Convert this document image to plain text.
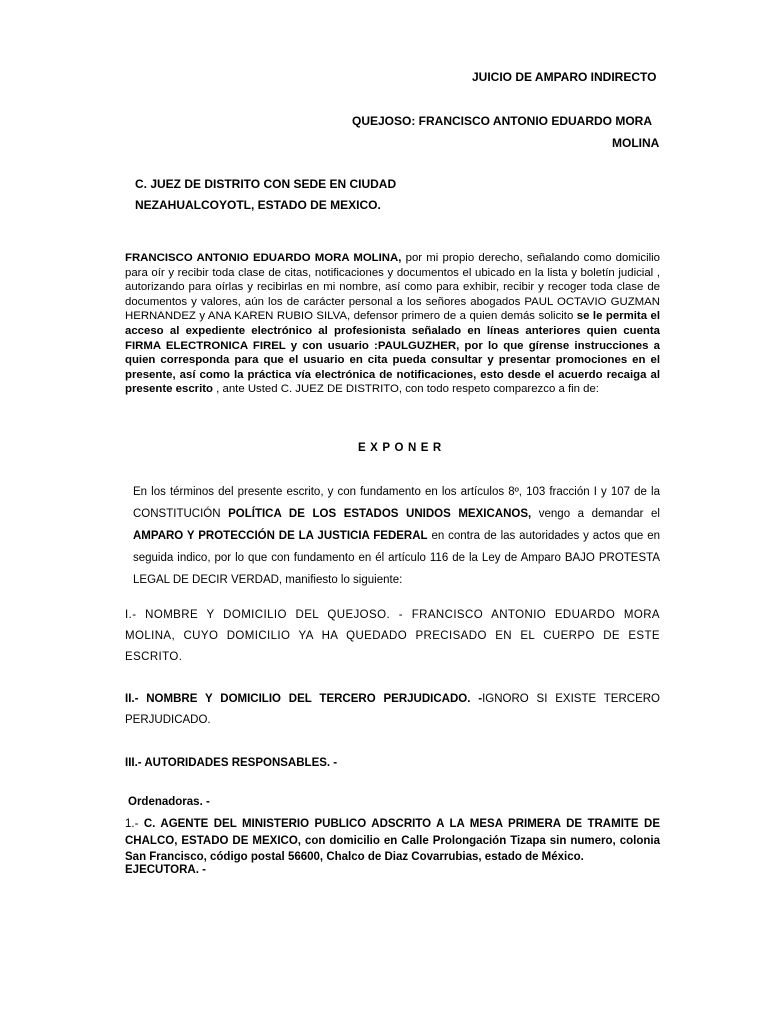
JUICIO DE AMPARO INDIRECTO
QUEJOSO: FRANCISCO ANTONIO EDUARDO MORA
MOLINA
C. JUEZ DE DISTRITO CON SEDE EN CIUDAD
NEZAHUALCOYOTL, ESTADO DE MEXICO.
FRANCISCO ANTONIO EDUARDO MORA MOLINA, por mi propio derecho, señalando como domicilio para oír y recibir toda clase de citas, notificaciones y documentos el ubicado en la lista y boletín judicial , autorizando para oírlas y recibirlas en mi nombre, así como para exhibir, recibir y recoger toda clase de documentos y valores, aún los de carácter personal a los señores abogados PAUL OCTAVIO GUZMAN HERNANDEZ y ANA KAREN RUBIO SILVA, defensor primero de a quien demás solicito se le permita el acceso al expediente electrónico al profesionista señalado en líneas anteriores quien cuenta FIRMA ELECTRONICA FIREL y con usuario :PAULGUZHER, por lo que gírense instrucciones a quien corresponda para que el usuario en cita pueda consultar y presentar promociones en el presente, así como la práctica vía electrónica de notificaciones, esto desde el acuerdo recaiga al presente escrito , ante Usted C. JUEZ DE DISTRITO, con todo respeto comparezco a fin de:
EXPONER
En los términos del presente escrito, y con fundamento en los artículos 8º, 103 fracción I y 107 de la CONSTITUCIÓN POLÍTICA DE LOS ESTADOS UNIDOS MEXICANOS, vengo a demandar el AMPARO Y PROTECCIÓN DE LA JUSTICIA FEDERAL en contra de las autoridades y actos que en seguida indico, por lo que con fundamento en él artículo 116 de la Ley de Amparo BAJO PROTESTA LEGAL DE DECIR VERDAD, manifiesto lo siguiente:
I.- NOMBRE Y DOMICILIO DEL QUEJOSO. - FRANCISCO ANTONIO EDUARDO MORA MOLINA, CUYO DOMICILIO YA HA QUEDADO PRECISADO EN EL CUERPO DE ESTE ESCRITO.
II.- NOMBRE Y DOMICILIO DEL TERCERO PERJUDICADO. -IGNORO SI EXISTE TERCERO PERJUDICADO.
III.- AUTORIDADES RESPONSABLES. -
Ordenadoras. -
1.- C. AGENTE DEL MINISTERIO PUBLICO ADSCRITO A LA MESA PRIMERA DE TRAMITE DE CHALCO, ESTADO DE MEXICO, con domicilio en Calle Prolongación Tizapa sin numero, colonia San Francisco, código postal 56600, Chalco de Diaz Covarrubias, estado de México.
EJECUTORA. -
